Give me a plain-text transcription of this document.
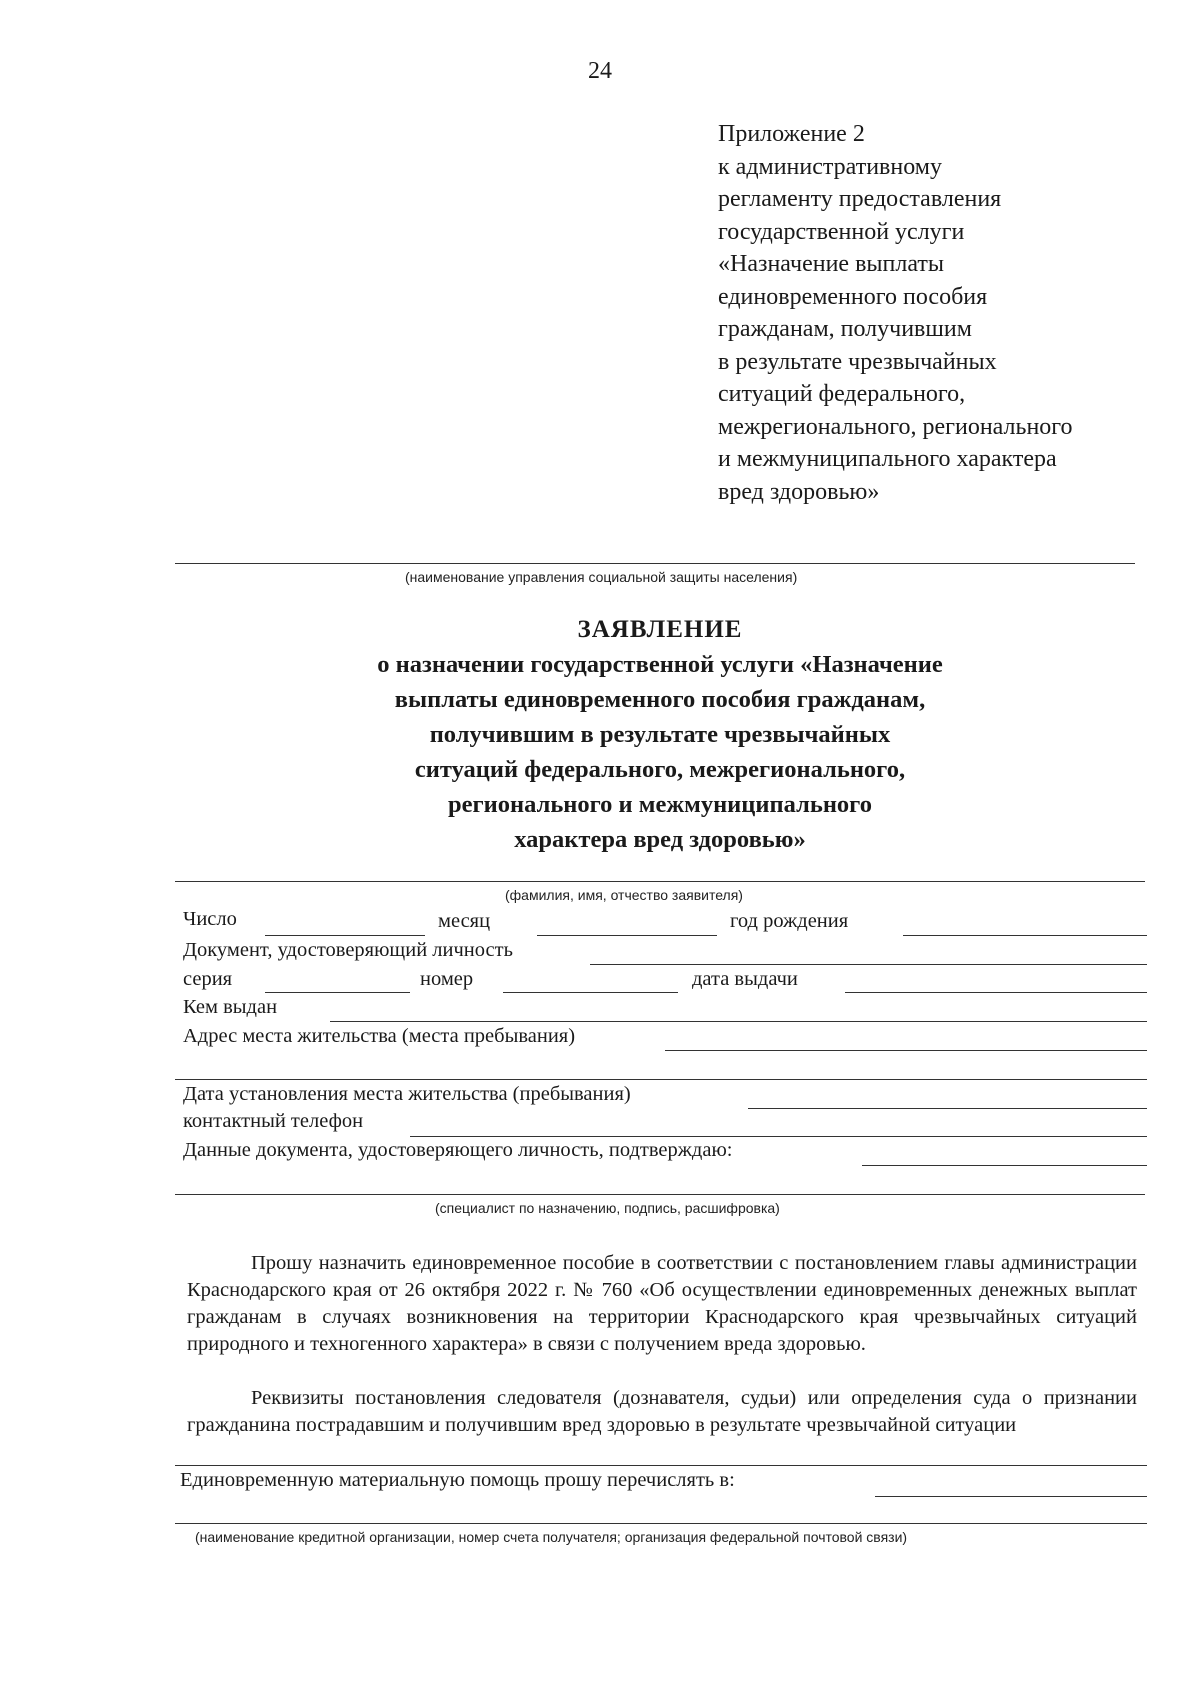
24
Приложение 2
к административному
регламенту предоставления
государственной услуги
«Назначение выплаты
единовременного пособия
гражданам, получившим
в результате чрезвычайных
ситуаций федерального,
межрегионального, регионального
и межмуниципального характера
вред здоровью»
(наименование управления социальной защиты населения)
ЗАЯВЛЕНИЕ
о назначении государственной услуги «Назначение
выплаты единовременного пособия гражданам,
получившим в результате чрезвычайных
ситуаций федерального, межрегионального,
регионального и межмуниципального
характера вред здоровью»
(фамилия, имя, отчество заявителя)
Число	месяц	год рождения
Документ, удостоверяющий личность
серия	номер	дата выдачи
Кем выдан
Адрес места жительства (места пребывания)
Дата установления места жительства (пребывания)
контактный телефон
Данные документа, удостоверяющего личность, подтверждаю:
(специалист по назначению, подпись, расшифровка)
Прошу назначить единовременное пособие в соответствии с постановлением главы администрации Краснодарского края от 26 октября 2022 г. № 760 «Об осуществлении единовременных денежных выплат гражданам в случаях возникновения на территории Краснодарского края чрезвычайных ситуаций природного и техногенного характера» в связи с получением вреда здоровью.
Реквизиты постановления следователя (дознавателя, судьи) или определения суда о признании гражданина пострадавшим и получившим вред здоровью в результате чрезвычайной ситуации
Единовременную материальную помощь прошу перечислять в:
(наименование кредитной организации, номер счета получателя; организация федеральной почтовой связи)
